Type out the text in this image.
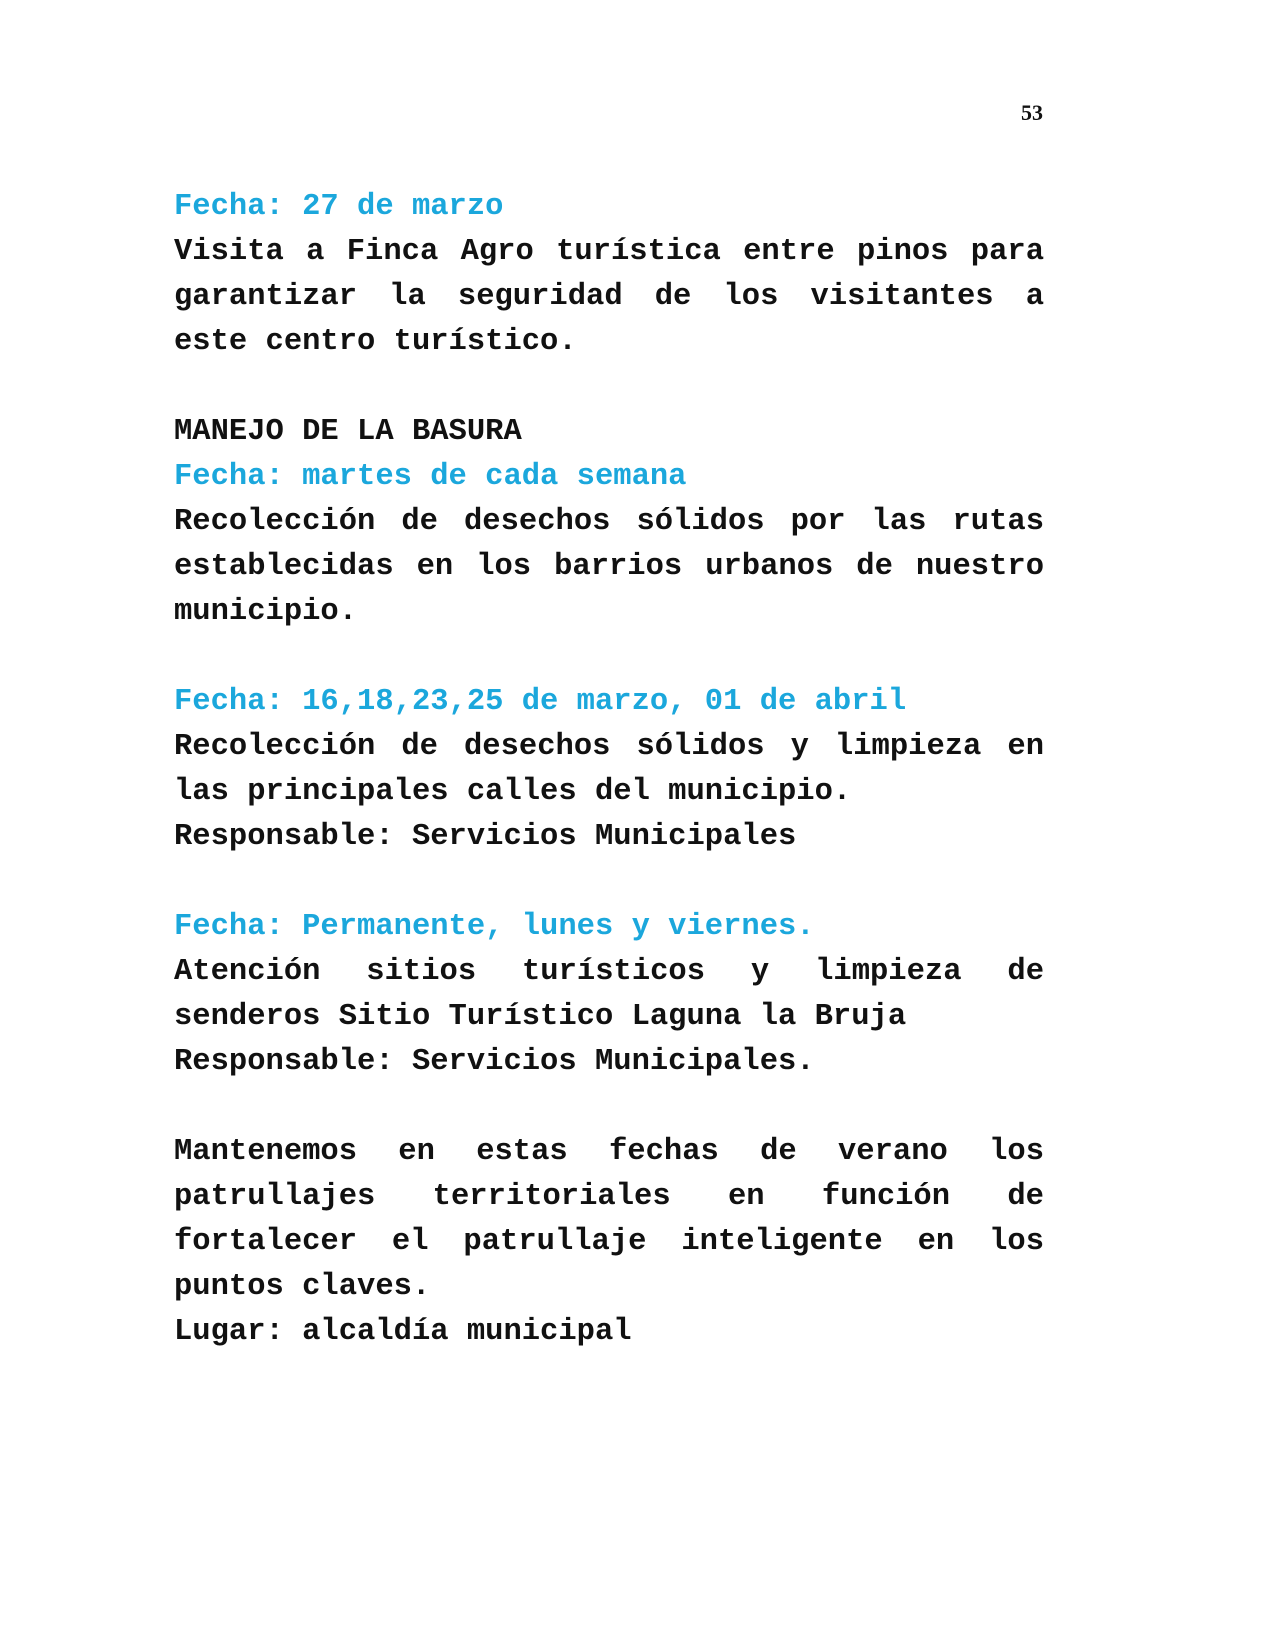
53
Fecha: 27 de marzo

Visita a Finca Agro turística entre pinos para garantizar la seguridad de los visitantes a este centro turístico.

MANEJO DE LA BASURA

Fecha: martes de cada semana

Recolección de desechos sólidos por las rutas establecidas en los barrios urbanos de nuestro municipio.

Fecha: 16,18,23,25 de marzo, 01 de abril

Recolección de desechos sólidos y limpieza en las principales calles del municipio.

Responsable: Servicios Municipales
Fecha: Permanente, lunes y viernes.

Atención sitios turísticos y limpieza de senderos Sitio Turístico Laguna la Bruja

Responsable: Servicios Municipales.

Mantenemos en estas fechas de verano los patrullajes territoriales en función de fortalecer el patrullaje inteligente en los puntos claves.

Lugar: alcaldía municipal
